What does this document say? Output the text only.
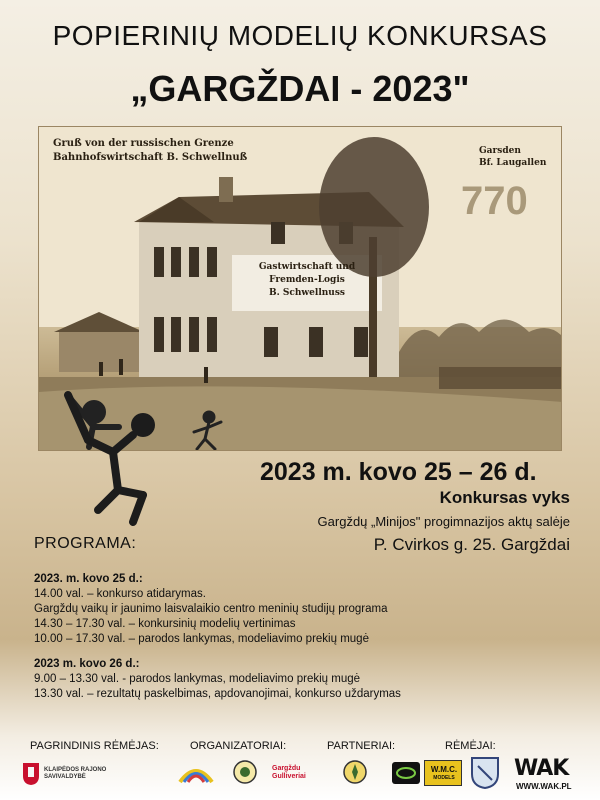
POPIERINIŲ MODELIŲ KONKURSAS
„GARGŽDAI - 2023"
Gruß von der russischen Grenze
Bahnhofswirtschaft B. Schwellnuß
Garsden
Bf. Laugallen
770
Gastwirtschaft und
Fremden-Logis
B. Schwellnuss
2023 m. kovo 25 – 26 d.
Konkursas vyks
Gargždų „Minijos" progimnazijos aktų salėje
P. Cvirkos g. 25. Gargždai
PROGRAMA:
2023. m. kovo 25 d.:
14.00 val. – konkurso atidarymas.
Gargždų vaikų ir jaunimo laisvalaikio centro meninių studijų programa
14.30 – 17.30 val. – konkursinių modelių vertinimas
10.00 – 17.30 val. – parodos lankymas, modeliavimo prekių mugė
2023 m. kovo 26 d.:
9.00 – 13.30 val. - parodos lankymas, modeliavimo prekių mugė
13.30 val. – rezultatų paskelbimas, apdovanojimai, konkurso uždarymas
PAGRINDINIS RĖMĖJAS:	ORGANIZATORIAI:	PARTNERIAI:	RĖMĖJAI:
KLAIPĖDOS RAJONO
SAVIVALDYBĖ
Gargždu
Gulliveriai
W.M.C.
MODELS	WAK
WWW.WAK.PL
